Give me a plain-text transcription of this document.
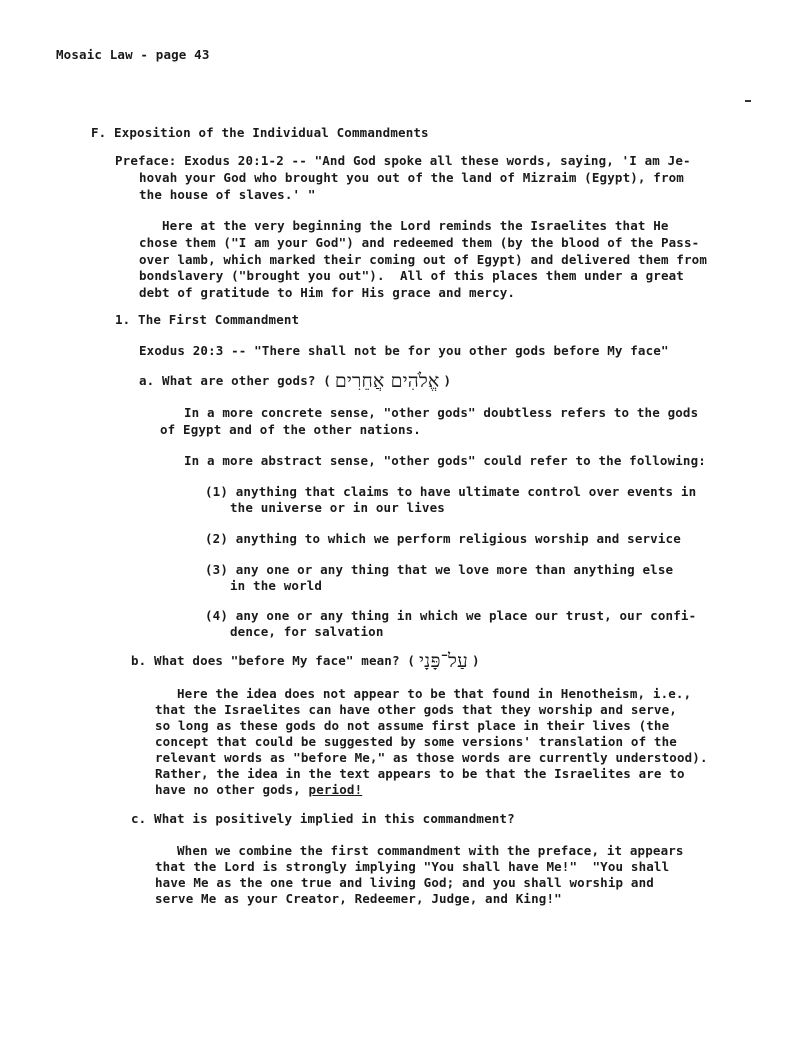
Mosaic Law - page 43
F. Exposition of the Individual Commandments
Preface: Exodus 20:1-2 -- "And God spoke all these words, saying, 'I am Je-
hovah your God who brought you out of the land of Mizraim (Egypt), from
the house of slaves.' "
Here at the very beginning the Lord reminds the Israelites that He
chose them ("I am your God") and redeemed them (by the blood of the Pass-
over lamb, which marked their coming out of Egypt) and delivered them from
bondslavery ("brought you out").  All of this places them under a great
debt of gratitude to Him for His grace and mercy.
1. The First Commandment
Exodus 20:3 -- "There shall not be for you other gods before My face"
a. What are other gods? ( אֱלֹהִים אֲחֵרִים )
In a more concrete sense, "other gods" doubtless refers to the gods
of Egypt and of the other nations.
In a more abstract sense, "other gods" could refer to the following:
(1) anything that claims to have ultimate control over events in
the universe or in our lives
(2) anything to which we perform religious worship and service
(3) any one or any thing that we love more than anything else
in the world
(4) any one or any thing in which we place our trust, our confi-
dence, for salvation
b. What does "before My face" mean? ( עַל־פָּנָי )
Here the idea does not appear to be that found in Henotheism, i.e.,
that the Israelites can have other gods that they worship and serve,
so long as these gods do not assume first place in their lives (the
concept that could be suggested by some versions' translation of the
relevant words as "before Me," as those words are currently understood).
Rather, the idea in the text appears to be that the Israelites are to
have no other gods, period!
c. What is positively implied in this commandment?
When we combine the first commandment with the preface, it appears
that the Lord is strongly implying "You shall have Me!"  "You shall
have Me as the one true and living God; and you shall worship and
serve Me as your Creator, Redeemer, Judge, and King!"
